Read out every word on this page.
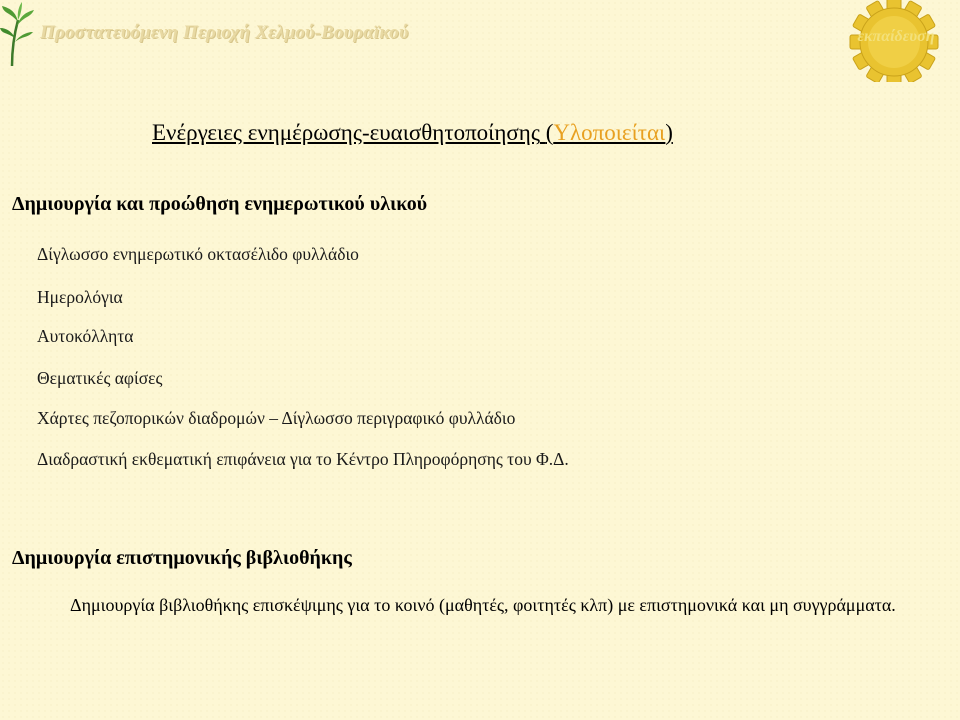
Προστατευόμενη Περιοχή Χελμού-Βουραϊκού	εκπαίδευση
Ενέργειες ενημέρωσης-ευαισθητοποίησης (Υλοποιείται)
Δημιουργία και προώθηση ενημερωτικού υλικού
Δίγλωσσο ενημερωτικό οκτασέλιδο φυλλάδιο
Ημερολόγια
Αυτοκόλλητα
Θεματικές αφίσες
Χάρτες πεζοπορικών διαδρομών – Δίγλωσσο περιγραφικό φυλλάδιο
Διαδραστική εκθεματική επιφάνεια για το Κέντρο Πληροφόρησης του Φ.Δ.
Δημιουργία επιστημονικής βιβλιοθήκης
Δημιουργία βιβλιοθήκης επισκέψιμης για το κοινό (μαθητές, φοιτητές κλπ) με επιστημονικά και μη συγγράμματα.
